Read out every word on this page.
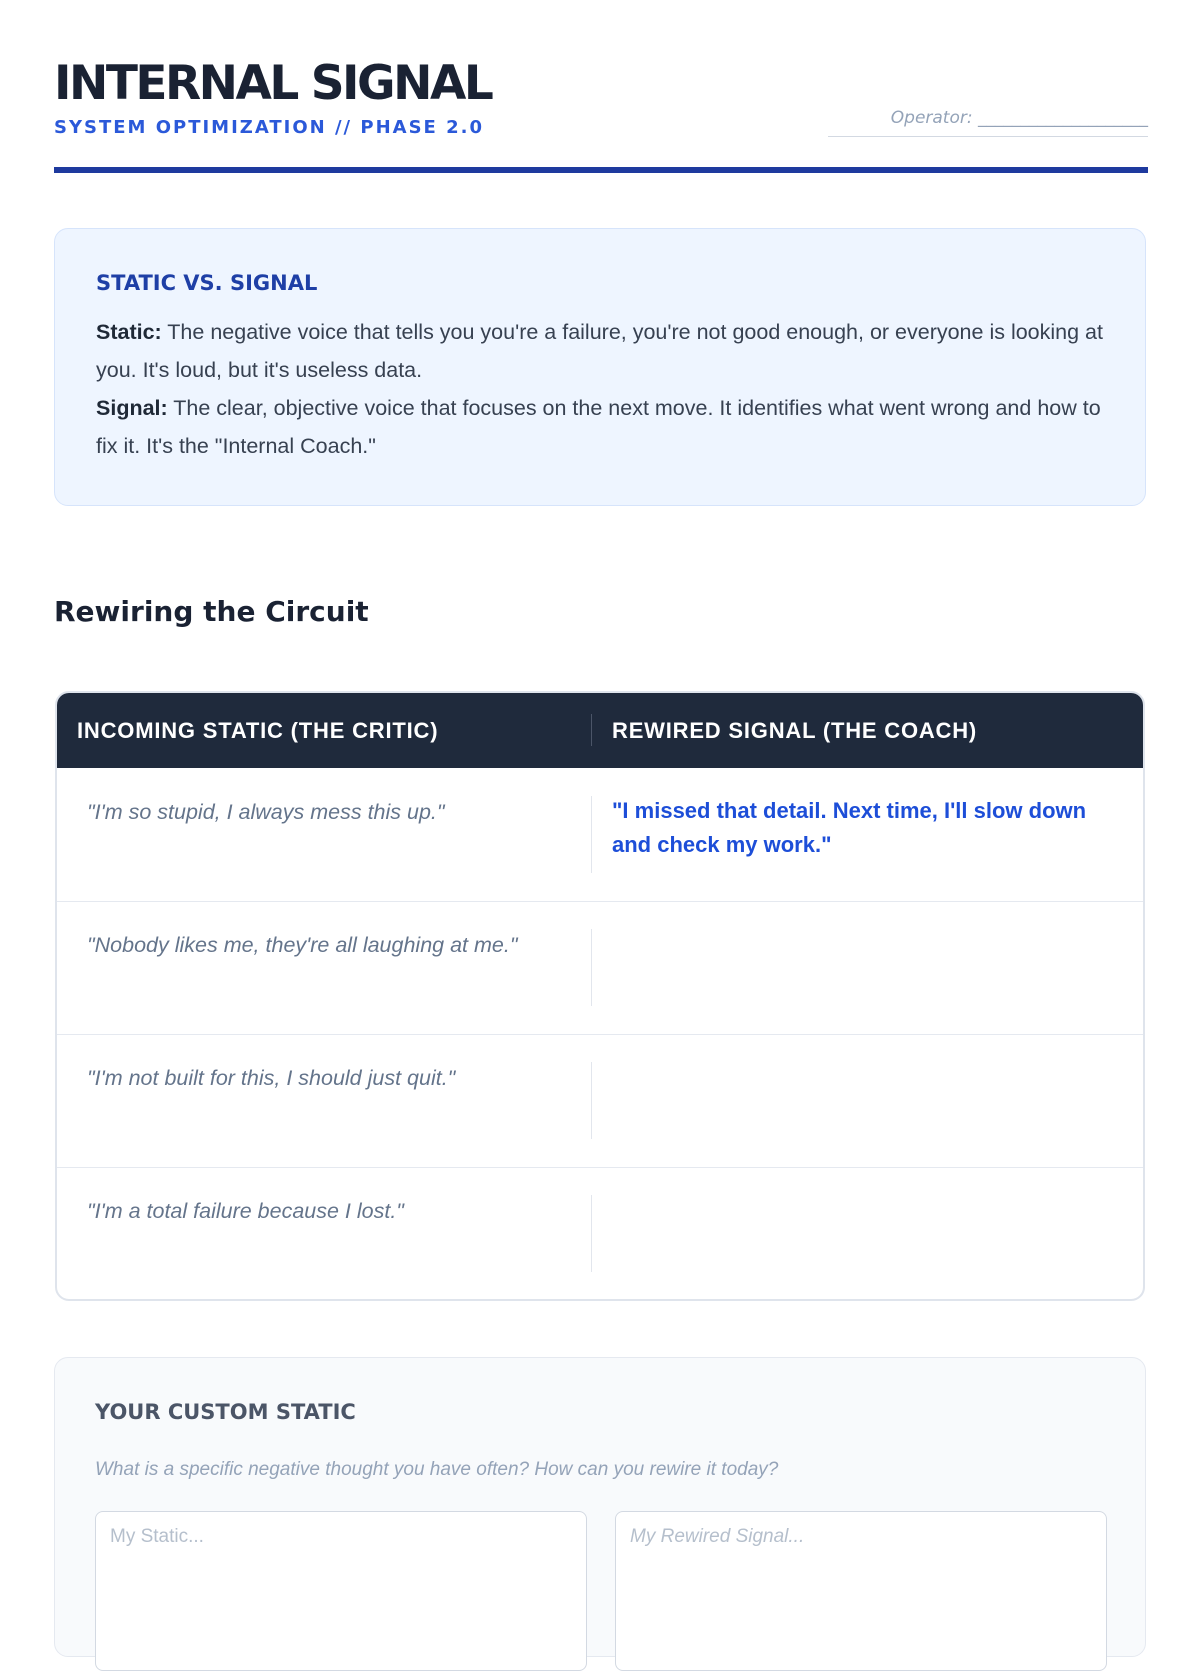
INTERNAL SIGNAL
SYSTEM OPTIMIZATION // PHASE 2.0	Operator: ____________________
STATIC VS. SIGNAL

Static: The negative voice that tells you you're a failure, you're not good enough, or everyone is looking at you. It's loud, but it's useless data.

Signal: The clear, objective voice that focuses on the next move. It identifies what went wrong and how to fix it. It's the "Internal Coach."

Rewiring the Circuit
INCOMING STATIC (THE CRITIC)	REWIRED SIGNAL (THE COACH)
"I'm so stupid, I always mess this up."	"I missed that detail. Next time, I'll slow down and check my work."
"Nobody likes me, they're all laughing at me."
"I'm not built for this, I should just quit."
"I'm a total failure because I lost."
YOUR CUSTOM STATIC
What is a specific negative thought you have often? How can you rewire it today?
My Static...
My Rewired Signal...
